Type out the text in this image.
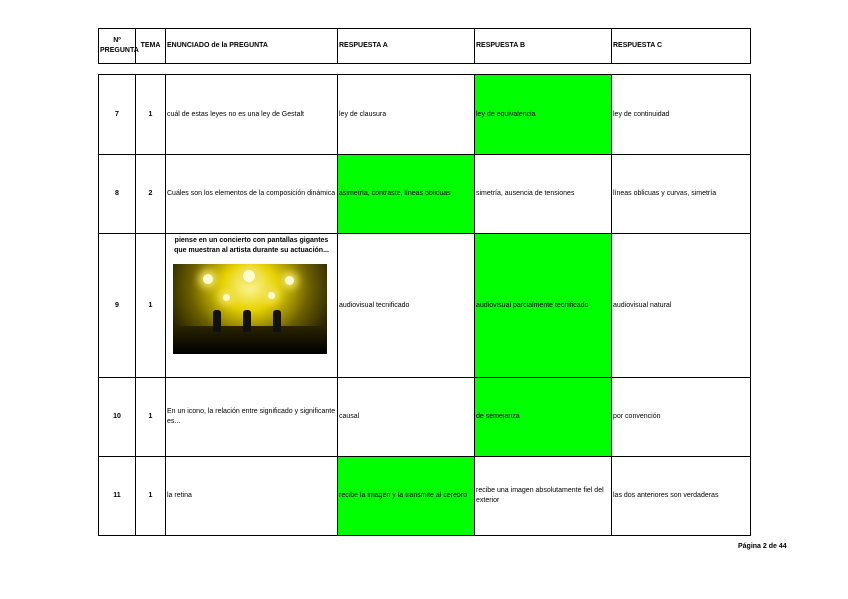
Nº PREGUNTA	TEMA	ENUNCIADO de la PREGUNTA	RESPUESTA A	RESPUESTA B	RESPUESTA C
7	1	cuál de estas leyes no es una ley de Gestalt	ley de clausura	ley de equivalencia	ley de continuidad
8	2	Cuáles son los elementos de la composición dinámica	asimetría, contraste, líneas oblicuas	simetría, ausencia de tensiones	líneas oblicuas y curvas, simetría
9	1	piense en un concierto con pantallas gigantes que muestran al artista durante su actuación...	audiovisual tecnificado	audiovisual parcialmente tecnificado	audiovisual natural
10	1	En un icono, la relación entre significado y significante es...	causal	de semejanza	por convención
11	1	la retina	recibe la imagen y la transmite al cerebro	recibe una imagen absolutamente fiel del exterior	las dos anteriores son verdaderas
Página 2 de 44
